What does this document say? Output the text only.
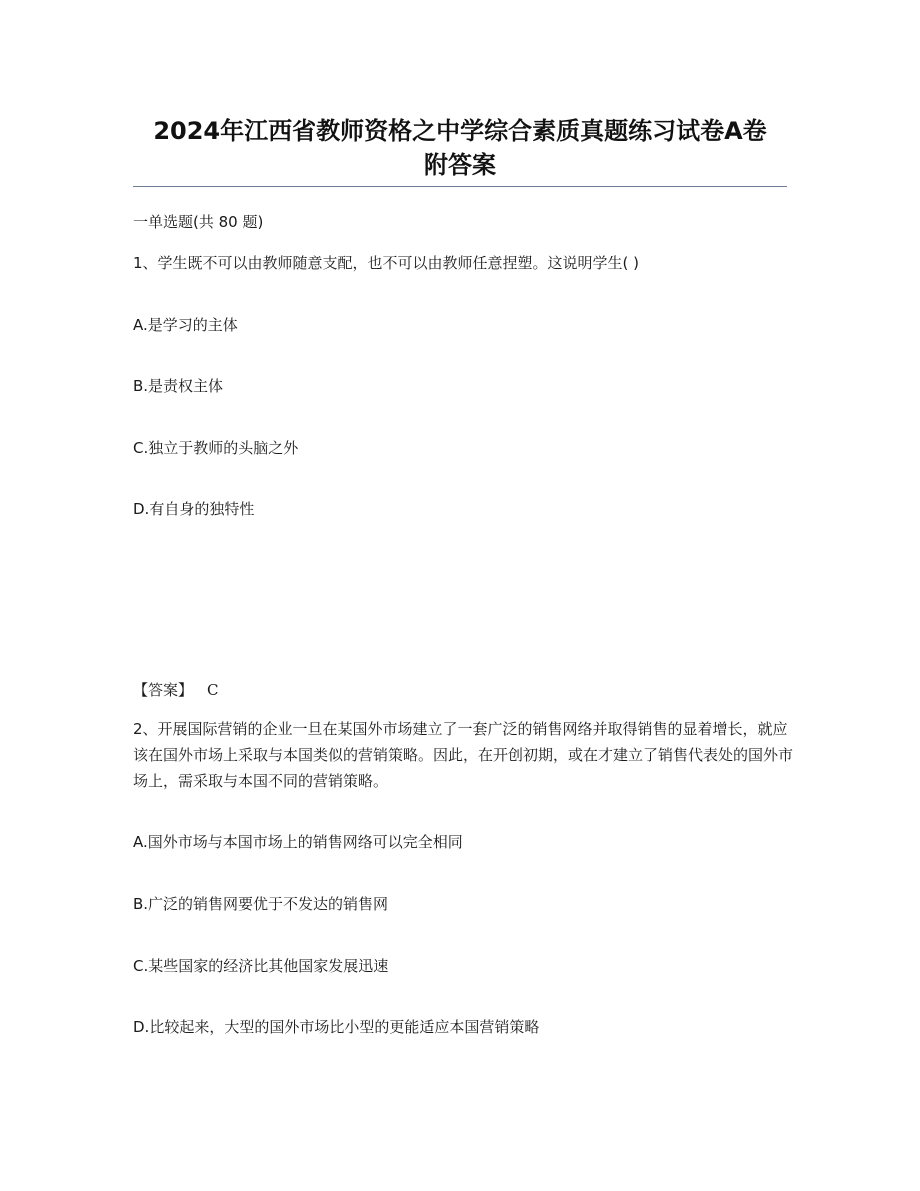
2024年江西省教师资格之中学综合素质真题练习试卷A卷
附答案
一单选题(共 80 题)
1、学生既不可以由教师随意支配，也不可以由教师任意捏塑。这说明学生( )
A.是学习的主体
B.是责权主体
C.独立于教师的头脑之外
D.有自身的独特性
【答案】 C
2、开展国际营销的企业一旦在某国外市场建立了一套广泛的销售网络并取得销售的显着增长，就应该在国外市场上采取与本国类似的营销策略。因此，在开创初期，或在才建立了销售代表处的国外市场上，需采取与本国不同的营销策略。
A.国外市场与本国市场上的销售网络可以完全相同
B.广泛的销售网要优于不发达的销售网
C.某些国家的经济比其他国家发展迅速
D.比较起来，大型的国外市场比小型的更能适应本国营销策略
